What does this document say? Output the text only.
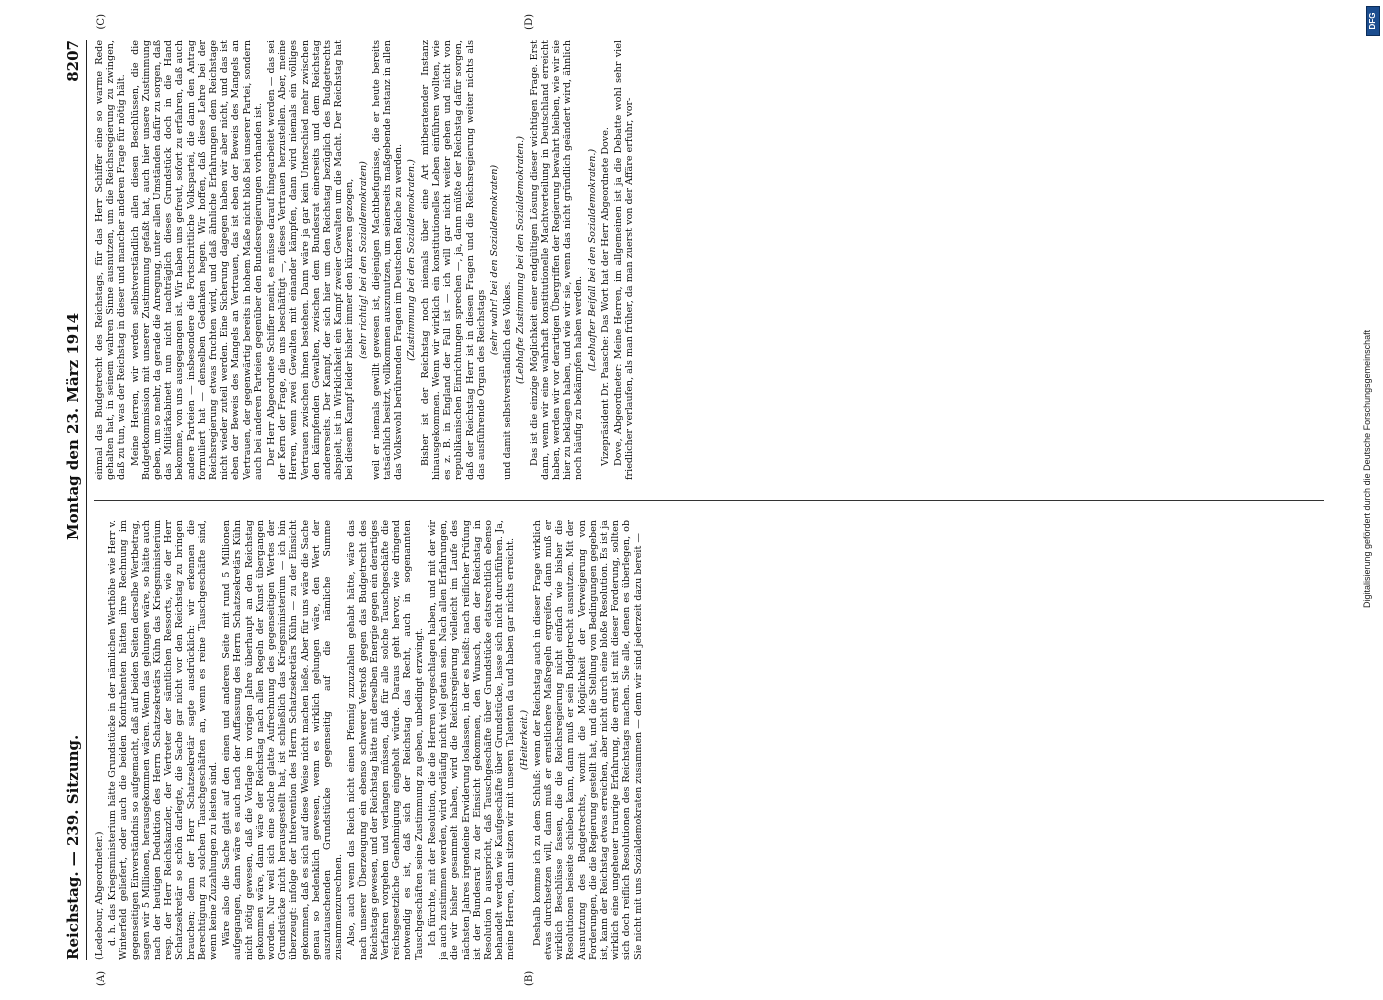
Reichstag. — 239. Sitzung.
Montag den 23. März 1914
8207
(A)	(B)
(C)	(D)

(Ledebour, Abgeordneter.) d. h. das Kriegsministerium hätte Grundstücke in der nämlichen Werthöhe wie Herr v. Winterfeld geliefert, oder auch die beiden Kontrahenten hätten ihre Rechnung im gegenseitigen Einverständnis so aufgemacht, daß auf beiden Seiten derselbe Wertbetrag, sagen wir 5 Millionen, herausgekommen wären. Wenn das gelungen wäre, so hätte auch nach der heutigen Deduktion des Herrn Schatzsekretärs Kühn das Kriegsministerium resp. der Herr Reichskanzler, der Vertreter der sämtlichen Ressorts, wie der Herr Schatzsekretär so schön darlegte, die Sache gar nicht vor den Reichstag zu bringen brauchen; denn der Herr Schatzsekretär sagte ausdrücklich: wir erkennen die Berechtigung zu solchen Tauschgeschäften an, wenn es reine Tauschgeschäfte sind, wenn keine Zuzahlungen zu leisten sind. Wäre also die Sache glatt auf den einen und anderen Seite mit rund 5 Millionen aufgegangen, dann wäre es auch nach der Auffassung des Herrn Schatzsekretärs Kühn nicht nötig gewesen, daß die Vorlage im vorigen Jahre überhaupt an den Reichstag gekommen wäre, dann wäre der Reichstag nach allen Regeln der Kunst übergangen worden. Nur weil sich eine solche glatte Aufrechnung des gegenseitigen Wertes der Grundstücke nicht herausgestellt hat, ist schließlich das Kriegsministerium — ich bin überzeugt: infolge der Intervention des Herrn Schatzsekretärs Kühn — zu der Einsicht gekommen, daß es sich auf diese Weise nicht machen ließe. Aber für uns wäre die Sache genau so bedenklich gewesen, wenn es wirklich gelungen wäre, den Wert der auszutauschenden Grundstücke gegenseitig auf die nämliche Summe zusammenzurechnen. Also, auch wenn das Reich nicht einen Pfennig zuzuzahlen gehabt hätte, wäre das nach unserer Überzeugung ein ebenso schwerer Verstoß gegen das Budgetrecht des Reichstags gewesen, und der Reichstag hätte mit derselben Energie gegen ein derartiges Verfahren vorgehen und verlangen müssen, daß für alle solche Tauschgeschäfte die reichsgesetzliche Genehmigung eingeholt würde. Daraus geht hervor, wie dringend notwendig es ist, daß sich der Reichstag das Recht, auch in sogenannten Tauschgeschäften seine Zustimmung zu geben, unbedingt erzwingt. Ich fürchte, mit der Resolution, die die Herren vorgeschlagen haben, und mit der wir ja auch zustimmen werden, wird vorläufig nicht viel getan sein. Nach allen Erfahrungen, die wir bisher gesammelt haben, wird die Reichsregierung vielleicht im Laufe des nächsten Jahres irgendeine Erwiderung loslassen, in der es heißt: nach reiflicher Prüfung ist der Bundesrat zu der Einsicht gekommen, den Wunsch, den der Reichstag in Resolution b ausspricht, daß Tauschgeschäfte über Grundstücke etatsrechtlich ebenso behandelt werden wie Kaufgeschäfte über Grundstücke, lasse sich nicht durchführen. Ja, meine Herren, dann sitzen wir mit unseren Talenten da und haben gar nichts erreicht. (Heiterkeit.) Deshalb komme ich zu dem Schluß: wenn der Reichstag auch in dieser Frage wirklich etwas durchsetzen will, dann muß er ernstlichere Maßregeln ergreifen, dann muß er wirklich Beschlüsse fassen, die die Reichsregierung nicht einfach wie bisher die Resolutionen beiseite schieben kann, dann muß er sein Budgetrecht ausnutzen. Mit der Ausnutzung des Budgetrechts, womit die Möglichkeit der Verweigerung von Forderungen, die die Regierung gestellt hat, und die Stellung von Bedingungen gegeben ist, kann der Reichstag etwas erreichen, aber nicht durch eine bloße Resolution. Es ist ja wirklich eine ungeheuer traurige Erfahrung, die ernst ist mit dieser Forderung, sollten sich doch reiflich Resolutionen des Reichstags machen. Sie alle, denen es überlegen, ob Sie nicht mit uns Sozialdemokraten zusammen — denn wir sind jederzeit dazu bereit —

einmal das Budgetrecht des Reichstags, für das Herr Schiffer eine so warme Rede gehalten hat, in seinem wahren Sinne ausnutzen, um die Reichsregierung zu zwingen, daß zu tun, was der Reichstag in dieser und mancher anderen Frage für nötig hält. Meine Herren, wir werden selbstverständlich allen diesen Beschlüssen, die die Budgetkommission mit unserer Zustimmung gefaßt hat, auch hier unsere Zustimmung geben, um so mehr, da gerade die Anregung, unter allen Umständen dafür zu sorgen, daß das Militärkabinett nun nicht nachträglich dieses Grundstück doch in die Hand bekomme, von uns ausgegangen ist. Wir haben uns gefreut, sofort zu erfahren, daß auch andere Parteien — insbesondere die Fortschrittliche Volkspartei, die dann den Antrag formuliert hat — denselben Gedanken hegen. Wir hoffen, daß diese Lehre bei der Reichsregierung etwas fruchten wird, und daß ähnliche Erfahrungen dem Reichstage nicht wieder zuteil werden. Eine Sicherung dagegen haben wir aber nicht, und das ist eben der Beweis des Mangels an Vertrauen, das ist eben der Beweis des Mangels an Vertrauen, der gegenwärtig bereits in hohem Maße nicht bloß bei unserer Partei, sondern auch bei anderen Parteien gegenüber den Bundesregierungen vorhanden ist. Der Herr Abgeordnete Schiffer meint, es müsse darauf hingearbeitet werden — das sei der Kern der Frage, die uns beschäftigt —, dieses Vertrauen herzustellen. Aber, meine Herren, wenn zwei Gewalten mit einander kämpfen, dann wird niemals ein völliges Vertrauen zwischen ihnen bestehen. Dann wäre ja gar kein Unterschied mehr zwischen den kämpfenden Gewalten, zwischen dem Bundesrat einerseits und dem Reichstag andererseits. Der Kampf, der sich hier um den Reichstag bezüglich des Budgetrechts abspielt, ist in Wirklichkeit ein Kampf zweier Gewalten um die Macht. Der Reichstag hat bei diesem Kampf leider bisher immer den kürzeren gezogen, (sehr richtig! bei den Sozialdemokraten) weil er niemals gewillt gewesen ist, diejenigen Machtbefugnisse, die er heute bereits tatsächlich besitzt, vollkommen auszunutzen, um seinerseits maßgebende Instanz in allen das Volkswohl berührenden Fragen im Deutschen Reiche zu werden. (Zustimmung bei den Sozialdemokraten.) Bisher ist der Reichstag noch niemals über eine Art mitberatender Instanz hinausgekommen. Wenn wir wirklich ein konstitutionelles Leben einführen wollten, wie es z. B. in England der Fall ist — ich will gar nicht weiter gehen und nicht von republikanischen Einrichtungen sprechen —, ja, dann müßte der Reichstag dafür sorgen, daß der Reichstag Herr ist in diesen Fragen und die Reichsregierung weiter nichts als das ausführende Organ des Reichstags

(sehr wahr! bei den Sozialdemokraten)

und damit selbstverständlich des Volkes. (Lebhafte Zustimmung bei den Sozialdemokraten.) Das ist die einzige Möglichkeit einer endgültigen Lösung dieser wichtigen Frage. Erst dann, wenn wir eine wahrhaft konstitutionelle Machtverteilung in Deutschland erreicht haben, werden wir vor derartigen Übergriffen der Regierung bewahrt bleiben, wie wir sie hier zu beklagen haben, und wie wir sie, wenn das nicht gründlich geändert wird, ähnlich noch häufig zu bekämpfen haben werden.

(Lebhafter Beifall bei den Sozialdemokraten.) Vizepräsident Dr. Paasche: Das Wort hat der Herr Abgeordnete Dove. Dove, Abgeordneter: Meine Herren, im allgemeinen ist ja die Debatte wohl sehr viel friedlicher verlaufen, als man früher, da man zuerst von der Affäre erfuhr, vor-

DFG
Digitalisierung gefördert durch die Deutsche Forschungsgemeinschaft
